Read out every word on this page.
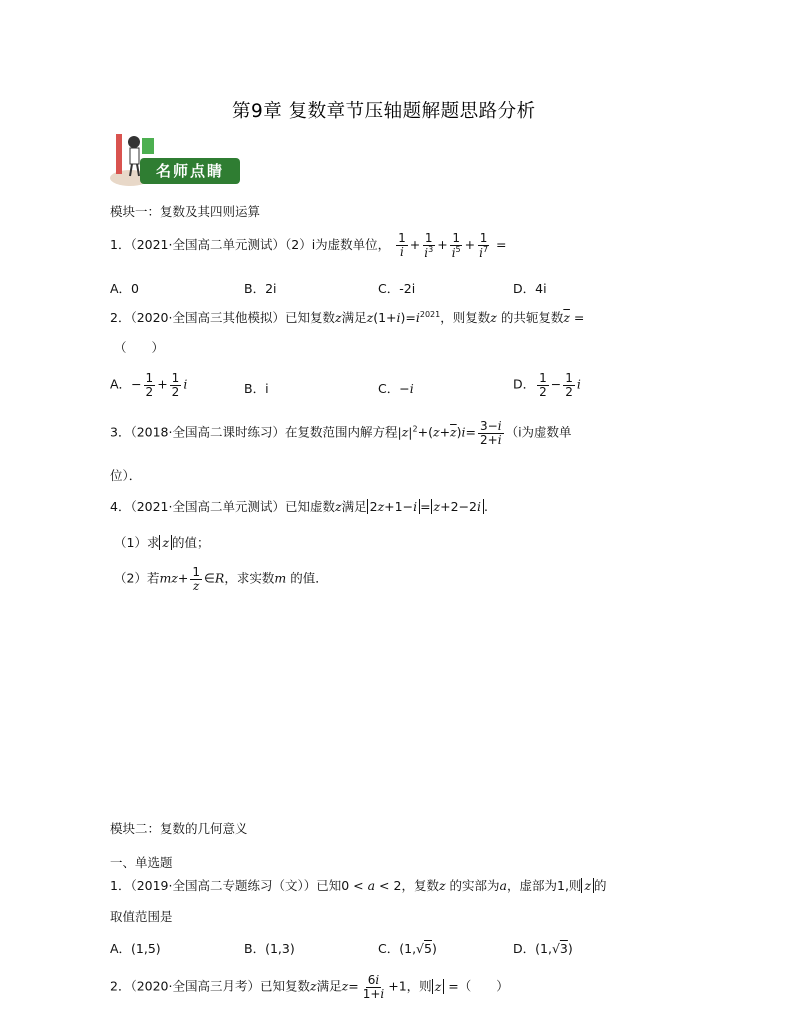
第9章 复数章节压轴题解题思路分析
名师点睛
模块一：复数及其四则运算
1．（2021·全国高二单元测试）（2）i为虚数单位， $\frac{1}{i} + \frac{1}{i^3} + \frac{1}{i^5} + \frac{1}{i^7}$ =
A．0	B．2i	C．-2i	D．4i
2．（2020·全国高三其他模拟）已知复数z满足$z(1+i)=i^{2021}$，则复数z 的共轭复数$\overline{z}$ =
（　　）
A．− $\frac{1}{2} + \frac{1}{2}$ i	B．i	C．−i	D． $\frac{1}{2} - \frac{1}{2}$ i
3．（2018·全国高二课时练习）在复数范围内解方程$|z|^2+(z+\overline{z})i= \frac{3-i}{2+i} (i$为虚数单
位）．
4．（2021·全国高二单元测试）已知虚数z满足 2z+1−i = z+2−2i .
（1）求 z 的值；
（2）若$mz+ \frac{1}{z}$ ∈R，求实数m 的值．
模块二：复数的几何意义
一、单选题
1．（2019·全国高二专题练习（文））已知0 < a < 2，复数z 的实部为a，虚部为1,则 z 的
取值范围是
A．(1,5)	B．(1,3)	C．(1,√5)	D．(1,√3)
2．（2020·全国高三月考）已知复数z满足$z= \frac{6i}{1+i} +1$，则 z =（　　）
